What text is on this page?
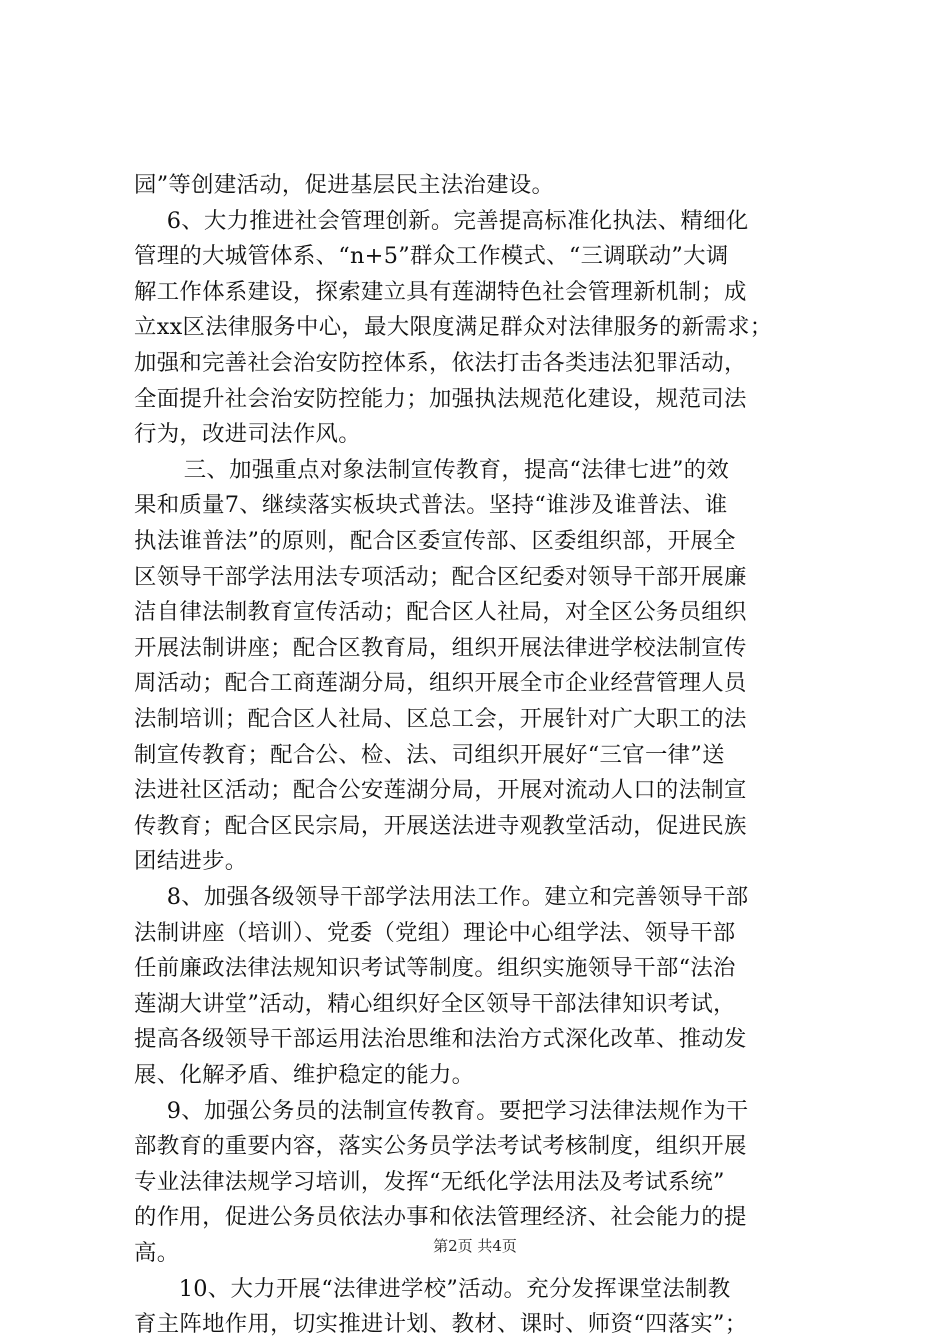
园”等创建活动，促进基层民主法治建设。
　6、大力推进社会管理创新。完善提高标准化执法、精细化
管理的大城管体系、“n+5”群众工作模式、“三调联动”大调
解工作体系建设，探索建立具有莲湖特色社会管理新机制；成
立xx区法律服务中心，最大限度满足群众对法律服务的新需求；
加强和完善社会治安防控体系，依法打击各类违法犯罪活动，
全面提升社会治安防控能力；加强执法规范化建设，规范司法
行为，改进司法作风。
　三、加强重点对象法制宣传教育，提高“法律七进”的效
果和质量7、继续落实板块式普法。坚持“谁涉及谁普法、谁
执法谁普法”的原则，配合区委宣传部、区委组织部，开展全
区领导干部学法用法专项活动；配合区纪委对领导干部开展廉
洁自律法制教育宣传活动；配合区人社局，对全区公务员组织
开展法制讲座；配合区教育局，组织开展法律进学校法制宣传
周活动；配合工商莲湖分局，组织开展全市企业经营管理人员
法制培训；配合区人社局、区总工会，开展针对广大职工的法
制宣传教育；配合公、检、法、司组织开展好“三官一律”送
法进社区活动；配合公安莲湖分局，开展对流动人口的法制宣
传教育；配合区民宗局，开展送法进寺观教堂活动，促进民族
团结进步。
　8、加强各级领导干部学法用法工作。建立和完善领导干部
法制讲座（培训）、党委（党组）理论中心组学法、领导干部
任前廉政法律法规知识考试等制度。组织实施领导干部“法治
莲湖大讲堂”活动，精心组织好全区领导干部法律知识考试，
提高各级领导干部运用法治思维和法治方式深化改革、推动发
展、化解矛盾、维护稳定的能力。
　9、加强公务员的法制宣传教育。要把学习法律法规作为干
部教育的重要内容，落实公务员学法考试考核制度，组织开展
专业法律法规学习培训，发挥“无纸化学法用法及考试系统”
的作用，促进公务员依法办事和依法管理经济、社会能力的提
高。
　10、大力开展“法律进学校”活动。充分发挥课堂法制教
育主阵地作用，切实推进计划、教材、课时、师资“四落实”；
第2页 共4页
